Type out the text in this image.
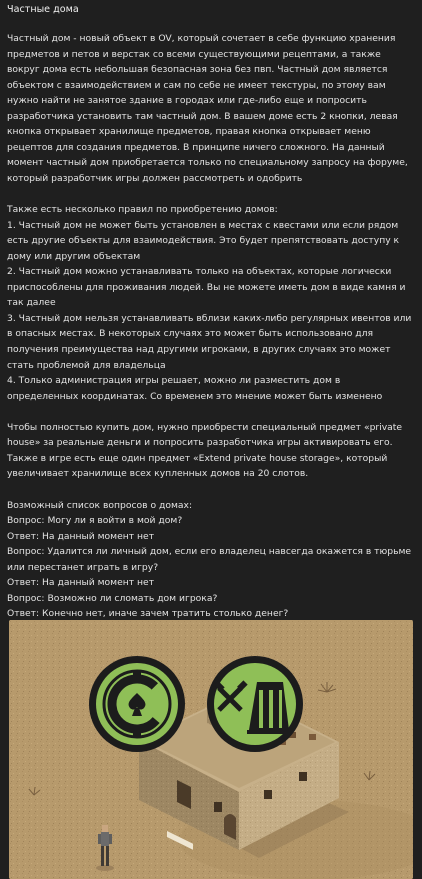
Частные дома
Частный дом - новый объект в OV, который сочетает в себе функцию хранения
предметов и петов и верстак со всеми существующими рецептами, а также
вокруг дома есть небольшая безопасная зона без пвп. Частный дом является
объектом с взаимодействием и сам по себе не имеет текстуры, по этому вам
нужно найти не занятое здание в городах или где-либо еще и попросить
разработчика установить там частный дом. В вашем доме есть 2 кнопки, левая
кнопка открывает хранилище предметов, правая кнопка открывает меню
рецептов для создания предметов. В принципе ничего сложного. На данный
момент частный дом приобретается только по специальному запросу на форуме,
который разработчик игры должен рассмотреть и одобрить
Также есть несколько правил по приобретению домов:
1. Частный дом не может быть установлен в местах с квестами или если рядом
есть другие объекты для взаимодействия. Это будет препятствовать доступу к
дому или другим объектам
2. Частный дом можно устанавливать только на объектах, которые логически
приспособлены для проживания людей. Вы не можете иметь дом в виде камня и
так далее
3. Частный дом нельзя устанавливать вблизи каких-либо регулярных ивентов или
в опасных местах. В некоторых случаях это может быть использовано для
получения преимущества над другими игроками, в других случаях это может
стать проблемой для владельца
4. Только администрация игры решает, можно ли разместить дом в
определенных координатах. Со временем это мнение может быть изменено
Чтобы полностью купить дом, нужно приобрести специальный предмет «private
house» за реальные деньги и попросить разработчика игры активировать его.
Также в игре есть еще один предмет «Extend private house storage», который
увеличивает хранилище всех купленных домов на 20 слотов.
Возможный список вопросов о домах:
Вопрос: Могу ли я войти в мой дом?
Ответ: На данный момент нет
Вопрос: Удалится ли личный дом, если его владелец навсегда окажется в тюрьме
или перестанет играть в игру?
Ответ: На данный момент нет
Вопрос: Возможно ли сломать дом игрока?
Ответ: Конечно нет, иначе зачем тратить столько денег?
